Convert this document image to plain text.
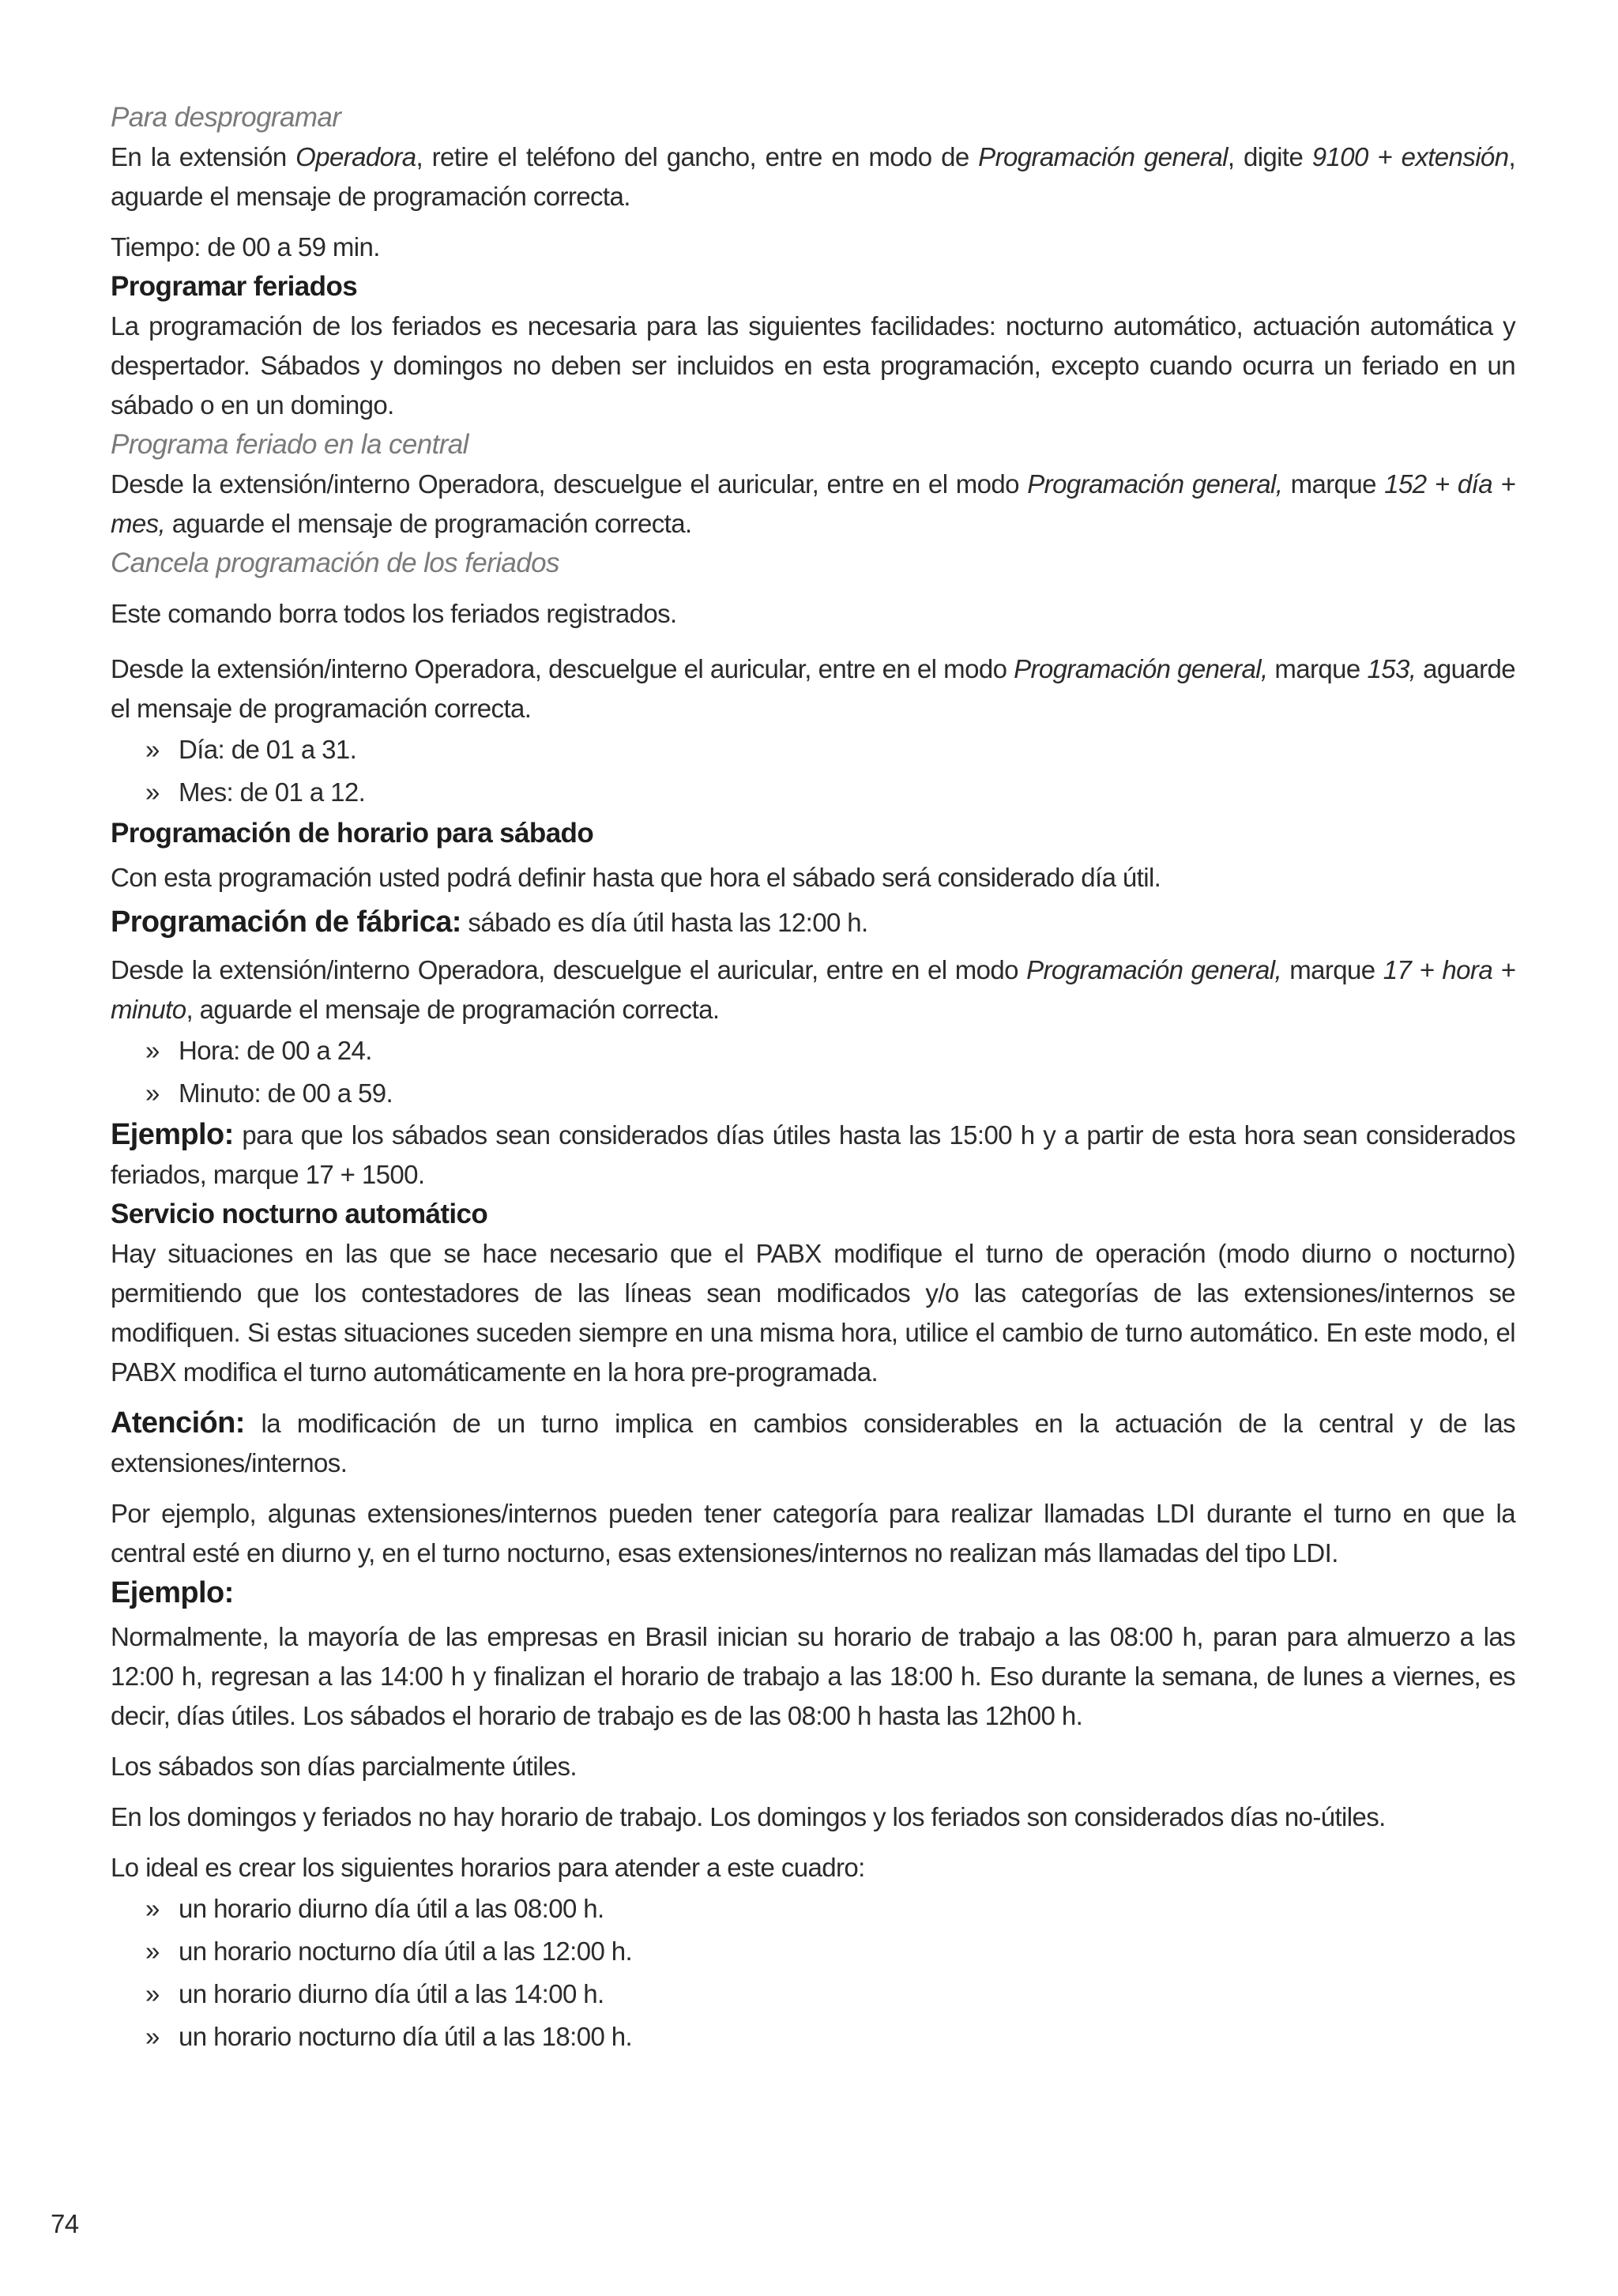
Para desprogramar

En la extensión Operadora, retire el teléfono del gancho, entre en modo de Programación general, digite 9100 + extensión, aguarde el mensaje de programación correcta.

Tiempo: de 00 a 59 min.

Programar feriados

La programación de los feriados es necesaria para las siguientes facilidades: nocturno automático, actuación automática y despertador. Sábados y domingos no deben ser incluidos en esta programación, excepto cuando ocurra un feriado en un sábado o en un domingo.

Programa feriado en la central

Desde la extensión/interno Operadora, descuelgue el auricular, entre en el modo Programación general, marque 152 + día + mes, aguarde el mensaje de programación correcta.

Cancela programación de los feriados

Este comando borra todos los feriados registrados.

Desde la extensión/interno Operadora, descuelgue el auricular, entre en el modo Programación general, marque 153, aguarde el mensaje de programación correcta.

» Día: de 01 a 31.
» Mes: de 01 a 12.
Programación de horario para sábado

Con esta programación usted podrá definir hasta que hora el sábado será considerado día útil.

Programación de fábrica: sábado es día útil hasta las 12:00 h.

Desde la extensión/interno Operadora, descuelgue el auricular, entre en el modo Programación general, marque 17 + hora + minuto, aguarde el mensaje de programación correcta.

» Hora: de 00 a 24.
» Minuto: de 00 a 59.

Ejemplo: para que los sábados sean considerados días útiles hasta las 15:00 h y a partir de esta hora sean considerados feriados, marque 17 + 1500.

Servicio nocturno automático

Hay situaciones en las que se hace necesario que el PABX modifique el turno de operación (modo diurno o nocturno) permitiendo que los contestadores de las líneas sean modificados y/o las categorías de las extensiones/internos se modifiquen. Si estas situaciones suceden siempre en una misma hora, utilice el cambio de turno automático. En este modo, el PABX modifica el turno automáticamente en la hora pre-programada.

Atención: la modificación de un turno implica en cambios considerables en la actuación de la central y de las extensiones/internos.

Por ejemplo, algunas extensiones/internos pueden tener categoría para realizar llamadas LDI durante el turno en que la central esté en diurno y, en el turno nocturno, esas extensiones/internos no realizan más llamadas del tipo LDI.

Ejemplo:

Normalmente, la mayoría de las empresas en Brasil inician su horario de trabajo a las 08:00 h, paran para almuerzo a las 12:00 h, regresan a las 14:00 h y finalizan el horario de trabajo a las 18:00 h. Eso durante la semana, de lunes a viernes, es decir, días útiles. Los sábados el horario de trabajo es de las 08:00 h hasta las 12h00 h.

Los sábados son días parcialmente útiles.

En los domingos y feriados no hay horario de trabajo. Los domingos y los feriados son considerados días no-útiles.

Lo ideal es crear los siguientes horarios para atender a este cuadro:

» un horario diurno día útil a las 08:00 h.
» un horario nocturno día útil a las 12:00 h.
» un horario diurno día útil a las 14:00 h.
» un horario nocturno día útil a las 18:00 h.
74
